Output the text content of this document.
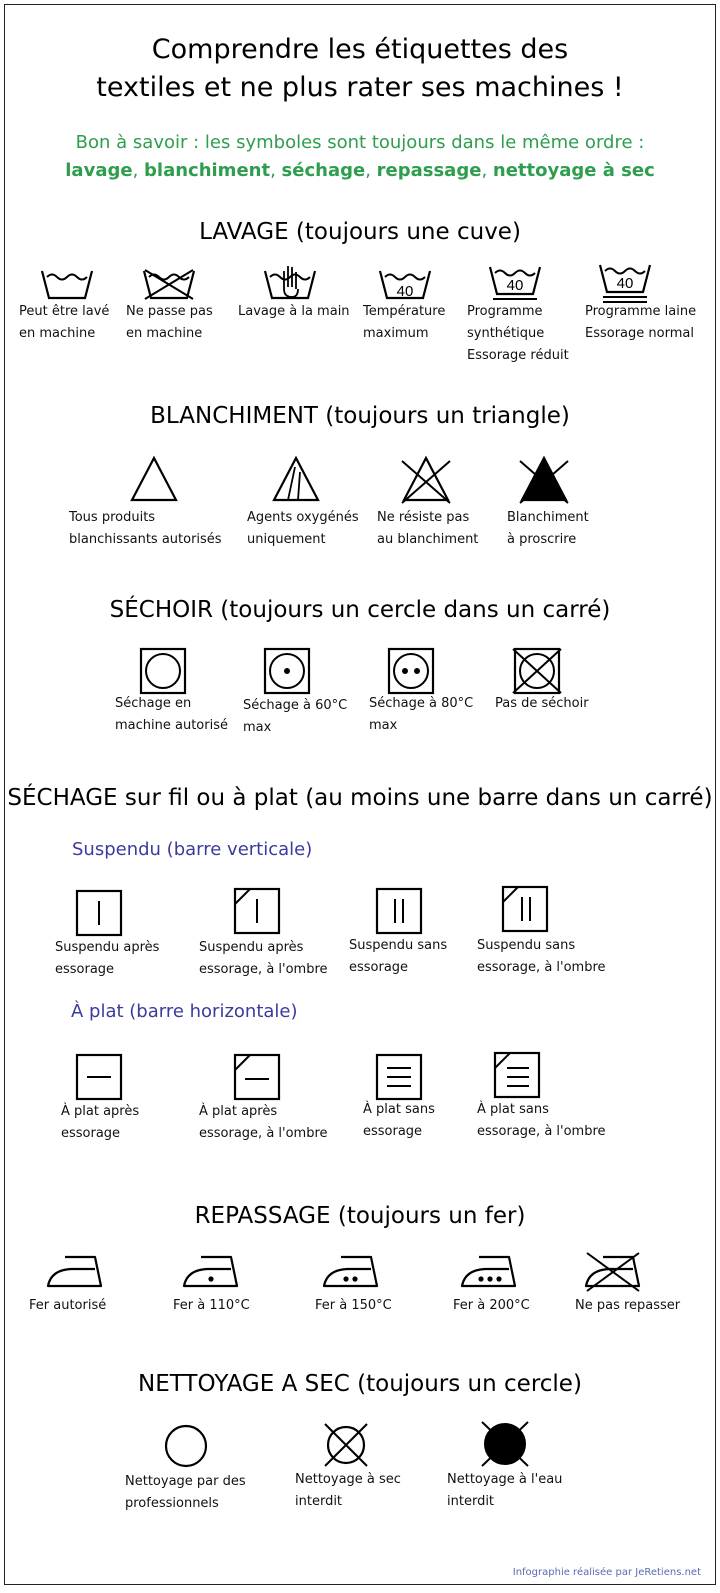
Comprendre les étiquettes des
textiles et ne plus rater ses machines !
Bon à savoir : les symboles sont toujours dans le même ordre :
lavage, blanchiment, séchage, repassage, nettoyage à sec
LAVAGE (toujours une cuve)
Peut être lavé
en machine
Ne passe pas
en machine
Lavage à la main
40
Température
maximum
40
Programme
synthétique
Essorage réduit
40
Programme laine
Essorage normal
BLANCHIMENT (toujours un triangle)
Tous produits
blanchissants autorisés
Agents oxygénés
uniquement
Ne résiste pas
au blanchiment
Blanchiment
à proscrire
SÉCHOIR (toujours un cercle dans un carré)
Séchage en
machine autorisé
Séchage à 60°C
max
Séchage à 80°C
max
Pas de séchoir
SÉCHAGE sur fil ou à plat (au moins une barre dans un carré)
Suspendu (barre verticale)
Suspendu après
essorage
Suspendu après
essorage, à l'ombre
Suspendu sans
essorage
Suspendu sans
essorage, à l'ombre
À plat (barre horizontale)
À plat après
essorage
À plat après
essorage, à l'ombre
À plat sans
essorage
À plat sans
essorage, à l'ombre
REPASSAGE (toujours un fer)
Fer autorisé	Fer à 110°C	Fer à 150°C	Fer à 200°C	Ne pas repasser
NETTOYAGE A SEC (toujours un cercle)
Nettoyage par des
professionnels
Nettoyage à sec
interdit
Nettoyage à l'eau
interdit
Infographie réalisée par JeRetiens.net
